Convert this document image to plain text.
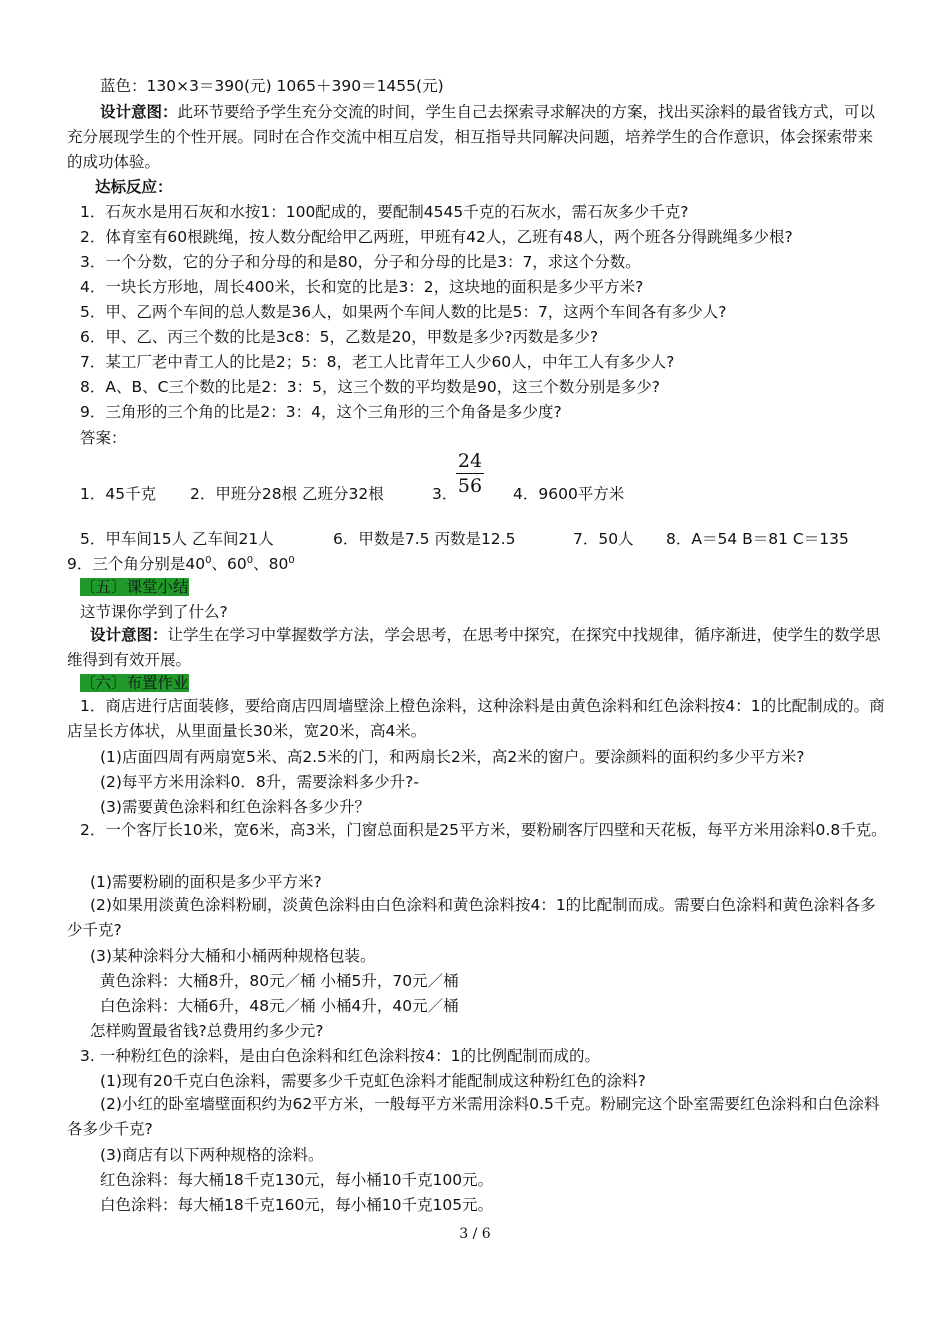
蓝色：130×3＝390(元) 1065＋390＝1455(元)
设计意图：此环节要给予学生充分交流的时间，学生自己去探索寻求解决的方案，找出买涂料的最省钱方式，可以充分展现学生的个性开展。同时在合作交流中相互启发，相互指导共同解决问题，培养学生的合作意识，体会探索带来的成功体验。
达标反应：
1．石灰水是用石灰和水按1：100配成的，要配制4545千克的石灰水，需石灰多少千克?
2．体育室有60根跳绳，按人数分配给甲乙两班，甲班有42人，乙班有48人，两个班各分得跳绳多少根?
3．一个分数，它的分子和分母的和是80，分子和分母的比是3：7，求这个分数。
4．一块长方形地，周长400米，长和宽的比是3：2，这块地的面积是多少平方米?
5．甲、乙两个车间的总人数是36人，如果两个车间人数的比是5：7，这两个车间各有多少人?
6．甲、乙、丙三个数的比是3c8：5，乙数是20，甲数是多少?丙数是多少?
7．某工厂老中青工人的比是2；5：8，老工人比青年工人少60人，中年工人有多少人?
8．A、B、C三个数的比是2：3：5，这三个数的平均数是90，这三个数分别是多少?
9．三角形的三个角的比是2：3：4，这个三角形的三个角备是多少度?
答案：
1．45千克 2．甲班分28根 乙班分32根	3．
$\frac{24}{56} 4$．9600平方米
5．甲车间15人 乙车间21人	6．甲数是7.5 丙数是12.5	7．50人 8．A＝54 B＝81 C＝135
9．三个角分别是$40^0$、$60^0$、$80^0$
〔五〕课堂小结
这节课你学到了什么?
设计意图：让学生在学习中掌握数学方法，学会思考，在思考中探究，在探究中找规律，循序渐进，使学生的数学思维得到有效开展。
〔六〕布置作业
1．商店进行店面装修，要给商店四周墙壁涂上橙色涂料，这种涂料是由黄色涂料和红色涂料按4：1的比配制成的。商店呈长方体状，从里面量长30米，宽20米，高4米。
(1)店面四周有两扇宽5米、高2.5米的门，和两扇长2米，高2米的窗户。要涂颜料的面积约多少平方米?
(2)每平方米用涂料0．8升，需要涂料多少升?-
(3)需要黄色涂料和红色涂料各多少升？
2．一个客厅长10米，宽6米，高3米，门窗总面积是25平方米，要粉刷客厅四壁和天花板，每平方米用涂料0.8千克。
(1)需要粉刷的面积是多少平方米?
(2)如果用淡黄色涂料粉刷，淡黄色涂料由白色涂料和黄色涂料按4：1的比配制而成。需要白色涂料和黄色涂料各多少千克?
(3)某种涂料分大桶和小桶两种规格包装。
黄色涂料：大桶8升，80元／桶 小桶5升，70元／桶
白色涂料：大桶6升，48元／桶 小桶4升，40元／桶
怎样购置最省钱?总费用约多少元?
3. 一种粉红色的涂料，是由白色涂料和红色涂料按4：1的比例配制而成的。
(1)现有20千克白色涂料，需要多少千克虹色涂料才能配制成这种粉红色的涂料?
(2)小红的卧室墙壁面积约为62平方米，一般每平方米需用涂料0.5千克。粉刷完这个卧室需要红色涂料和白色涂料各多少千克?
(3)商店有以下两种规格的涂料。
红色涂料：每大桶18千克130元，每小桶10千克100元。
白色涂料：每大桶18千克160元，每小桶10千克105元。
3 / 6
